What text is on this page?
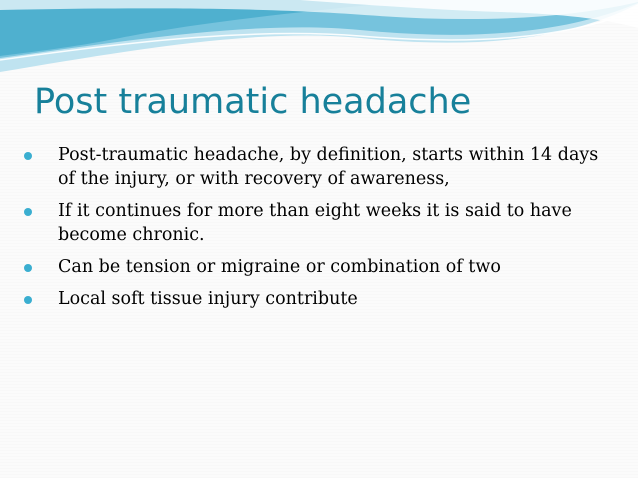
Post traumatic headache
Post-traumatic headache, by definition, starts within 14 days of the injury, or with recovery of awareness,
If it continues for more than eight weeks it is said to have become chronic.
Can be tension or migraine or combination of two
Local soft tissue injury contribute
